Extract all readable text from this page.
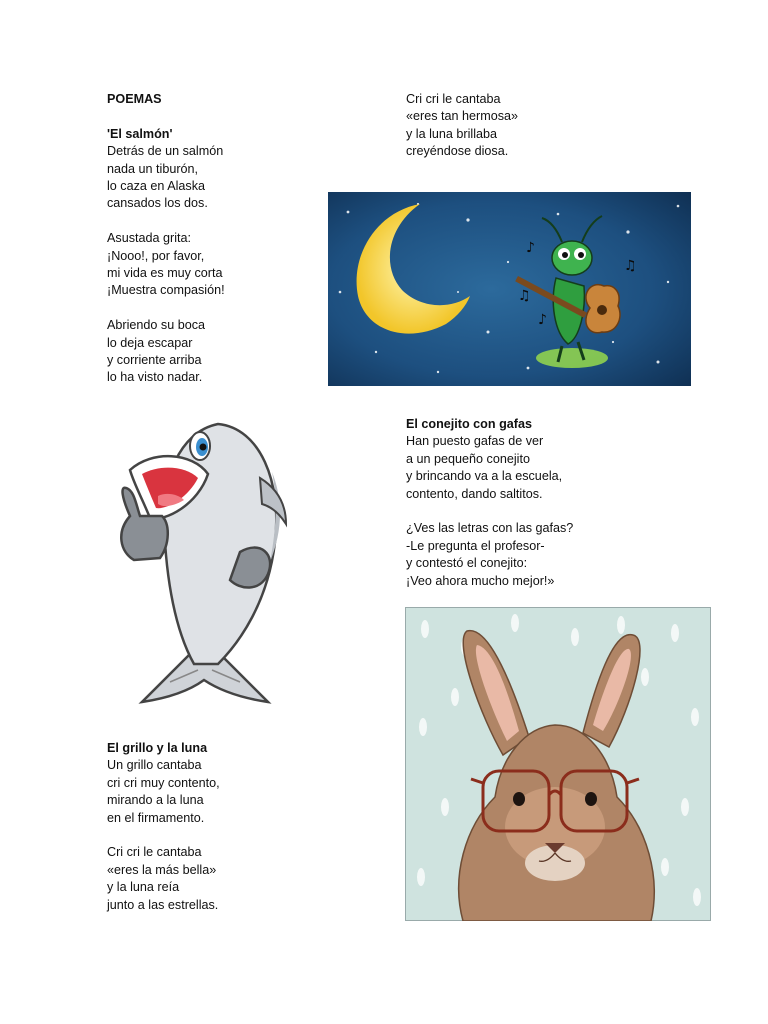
POEMAS
'El salmón'
Detrás de un salmón
nada un tiburón,
lo caza en Alaska
cansados los dos.
Asustada grita:
¡Nooo!, por favor,
mi vida es muy corta
¡Muestra compasión!
Abriendo su boca
lo deja escapar
y corriente arriba
lo ha visto nadar.
El grillo y la luna
Un grillo cantaba
cri cri muy contento,
mirando a la luna
en el firmamento.
Cri cri le cantaba
«eres la más bella»
y la luna reía
junto a las estrellas.
Cri cri le cantaba
«eres tan hermosa»
y la luna brillaba
creyéndose diosa.
♪
♫
♪
♫
El conejito con gafas
Han puesto gafas de ver
a un pequeño conejito
y brincando va a la escuela,
contento, dando saltitos.
¿Ves las letras con las gafas?
-Le pregunta el profesor-
y contestó el conejito:
¡Veo ahora mucho mejor!»
